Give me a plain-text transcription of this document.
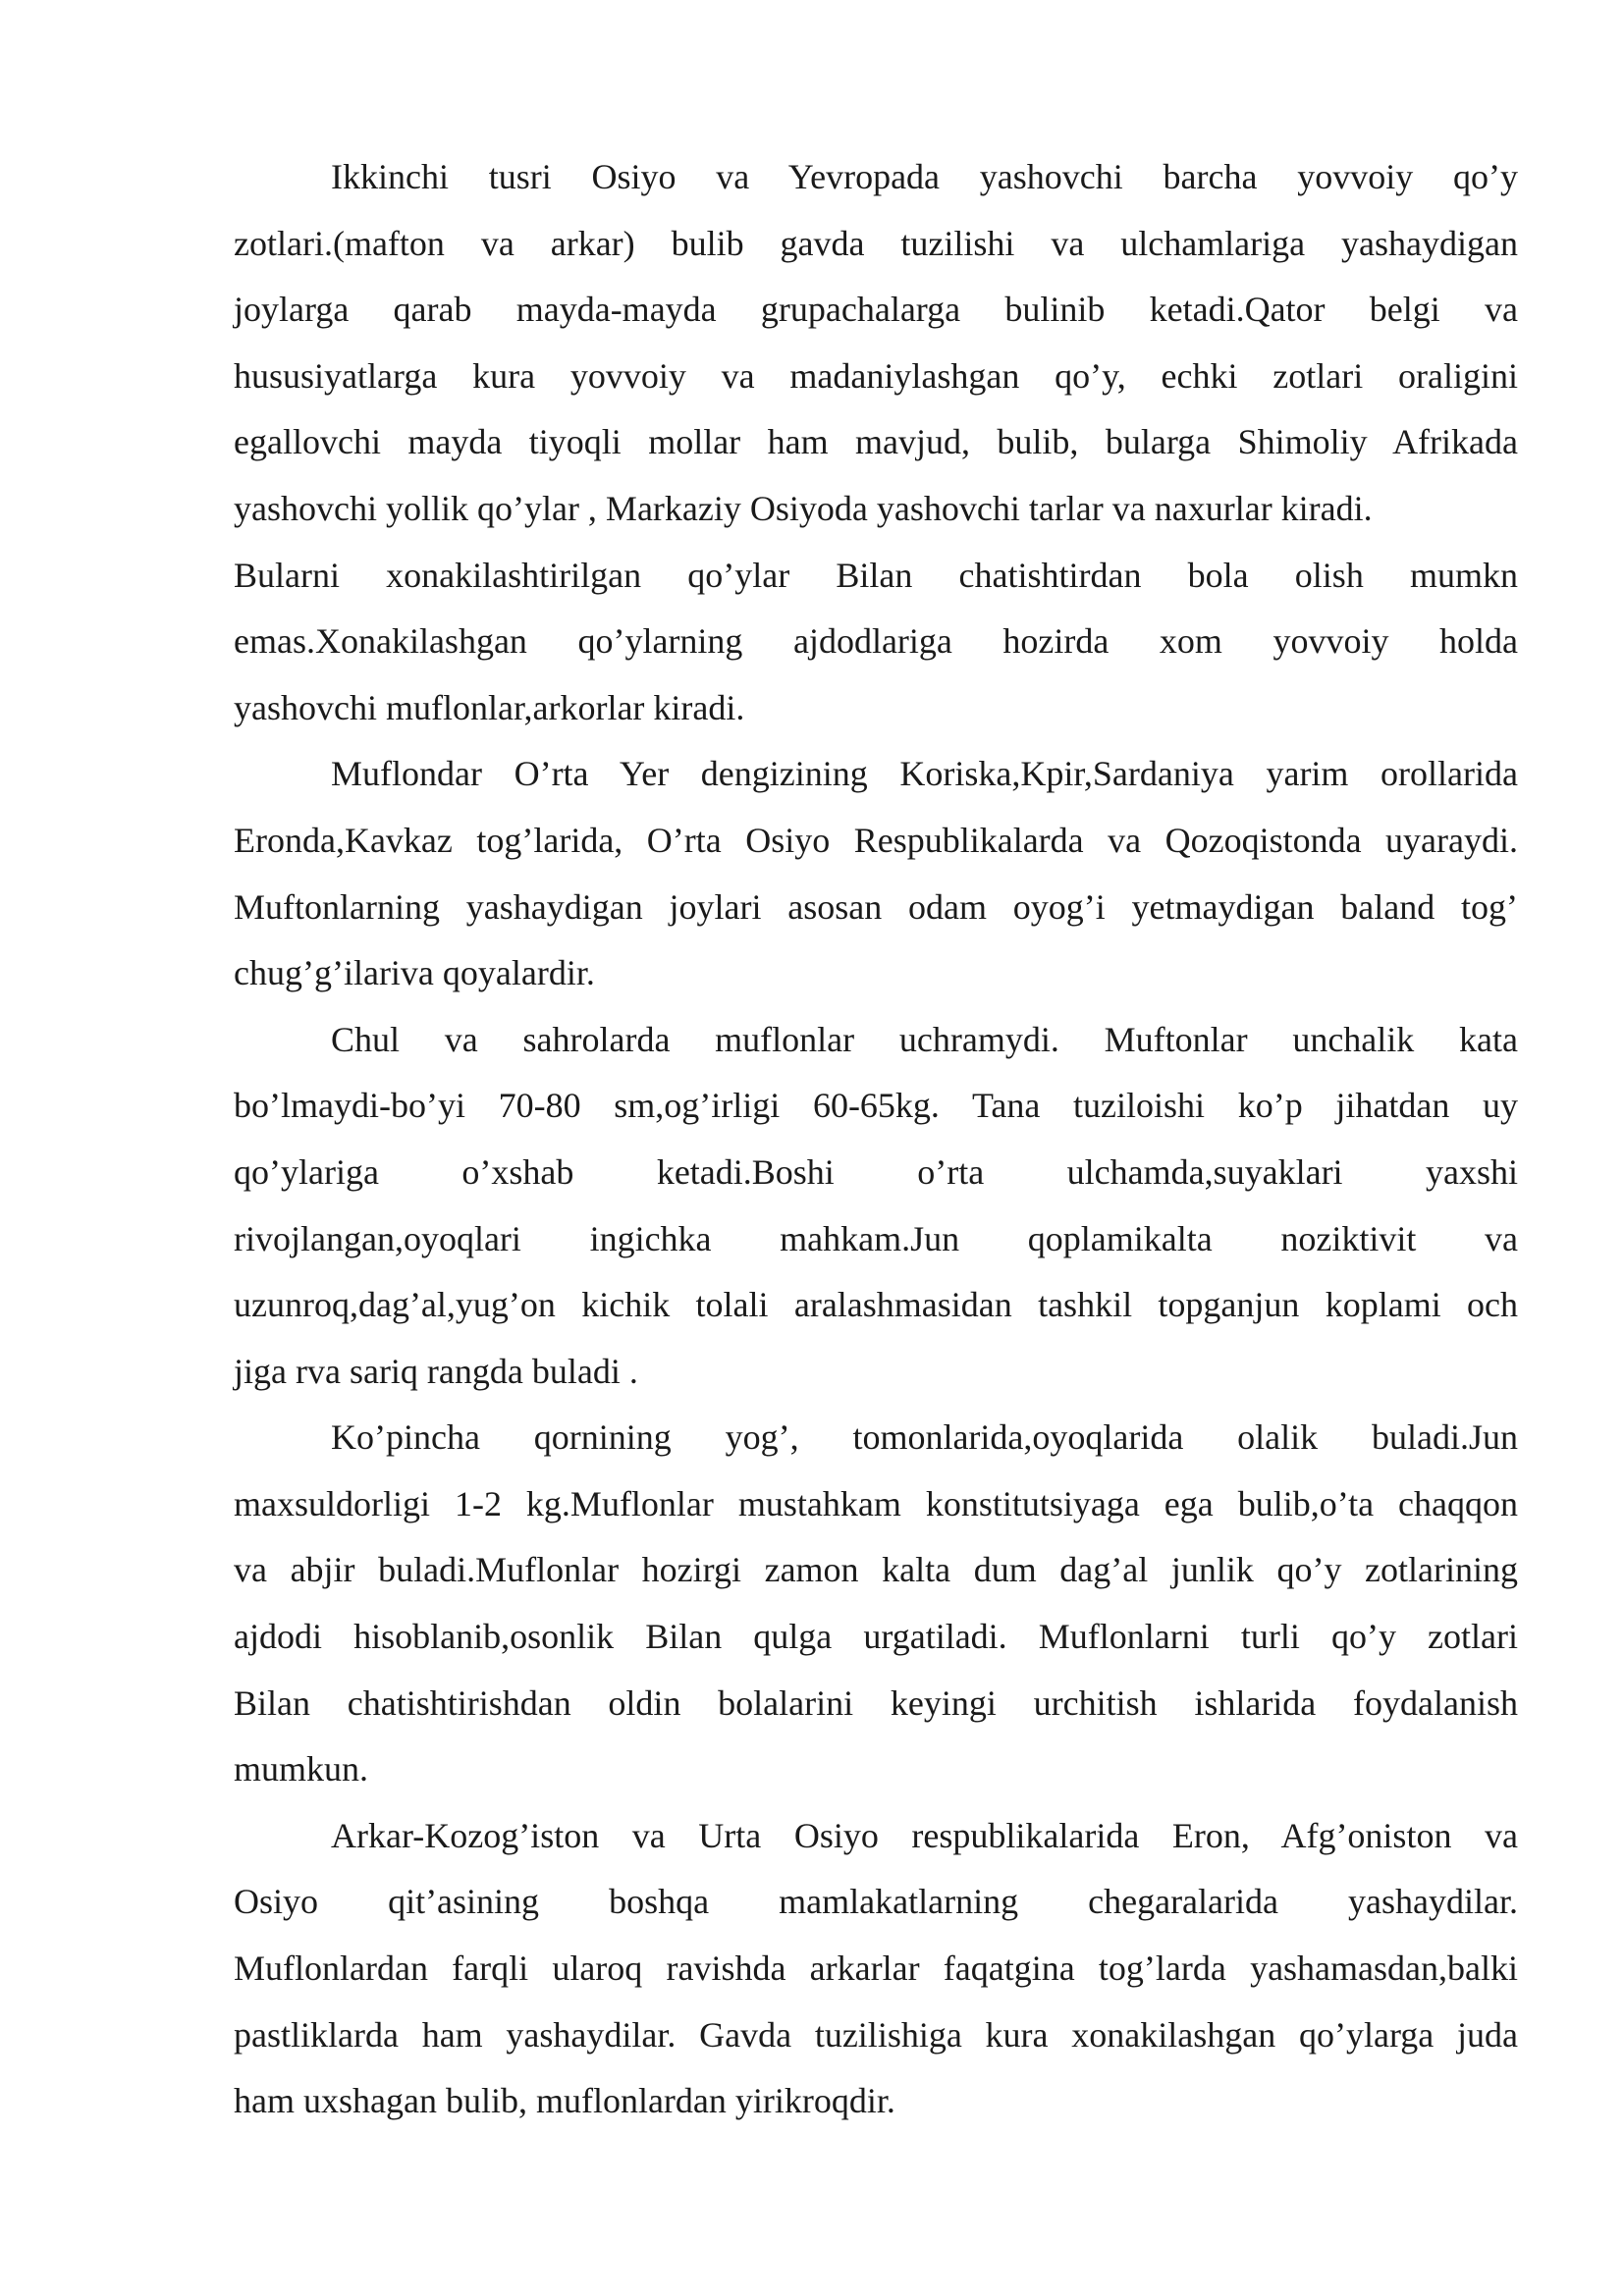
Ikkinchi tusri Osiyo va Yevropada yashovchi barcha yovvoiy qo’y
zotlari.(mafton va arkar) bulib gavda tuzilishi va ulchamlariga yashaydigan
joylarga qarab mayda-mayda grupachalarga bulinib ketadi.Qator belgi va
hususiyatlarga kura yovvoiy va madaniylashgan qo’y, echki zotlari oraligini
egallovchi mayda tiyoqli mollar ham mavjud, bulib, bularga Shimoliy Afrikada
yashovchi yollik qo’ylar , Markaziy Osiyoda yashovchi tarlar va naxurlar kiradi.
Bularni xonakilashtirilgan qo’ylar Bilan chatishtirdan bola olish mumkn
emas.Xonakilashgan qo’ylarning ajdodlariga hozirda xom yovvoiy holda
yashovchi muflonlar,arkorlar kiradi.
Muflondar O’rta Yer dengizining Koriska,Kpir,Sardaniya yarim orollarida
Eronda,Kavkaz tog’larida, O’rta Osiyo Respublikalarda va Qozoqistonda uyaraydi.
Muftonlarning yashaydigan joylari asosan odam oyog’i yetmaydigan baland tog’
chug’g’ilariva qoyalardir.
Chul va sahrolarda muflonlar uchramydi. Muftonlar unchalik kata
bo’lmaydi-bo’yi 70-80 sm,og’irligi 60-65kg. Tana tuziloishi ko’p jihatdan uy
qo’ylariga o’xshab ketadi.Boshi o’rta ulchamda,suyaklari yaxshi
rivojlangan,oyoqlari ingichka mahkam.Jun qoplamikalta noziktivit va
uzunroq,dag’al,yug’on kichik tolali aralashmasidan tashkil topganjun koplami och
jiga rva sariq rangda buladi .
Ko’pincha qornining yog’, tomonlarida,oyoqlarida olalik buladi.Jun
maxsuldorligi 1-2 kg.Muflonlar mustahkam konstitutsiyaga ega bulib,o’ta chaqqon
va abjir buladi.Muflonlar hozirgi zamon kalta dum dag’al junlik qo’y zotlarining
ajdodi hisoblanib,osonlik Bilan qulga urgatiladi. Muflonlarni turli qo’y zotlari
Bilan chatishtirishdan oldin bolalarini keyingi urchitish ishlarida foydalanish
mumkun.
Arkar-Kozog’iston va Urta Osiyo respublikalarida Eron, Afg’oniston va
Osiyo qit’asining boshqa mamlakatlarning chegaralarida yashaydilar.
Muflonlardan farqli ularoq ravishda arkarlar faqatgina tog’larda yashamasdan,balki
pastliklarda ham yashaydilar. Gavda tuzilishiga kura xonakilashgan qo’ylarga juda
ham uxshagan bulib, muflonlardan yirikroqdir.
